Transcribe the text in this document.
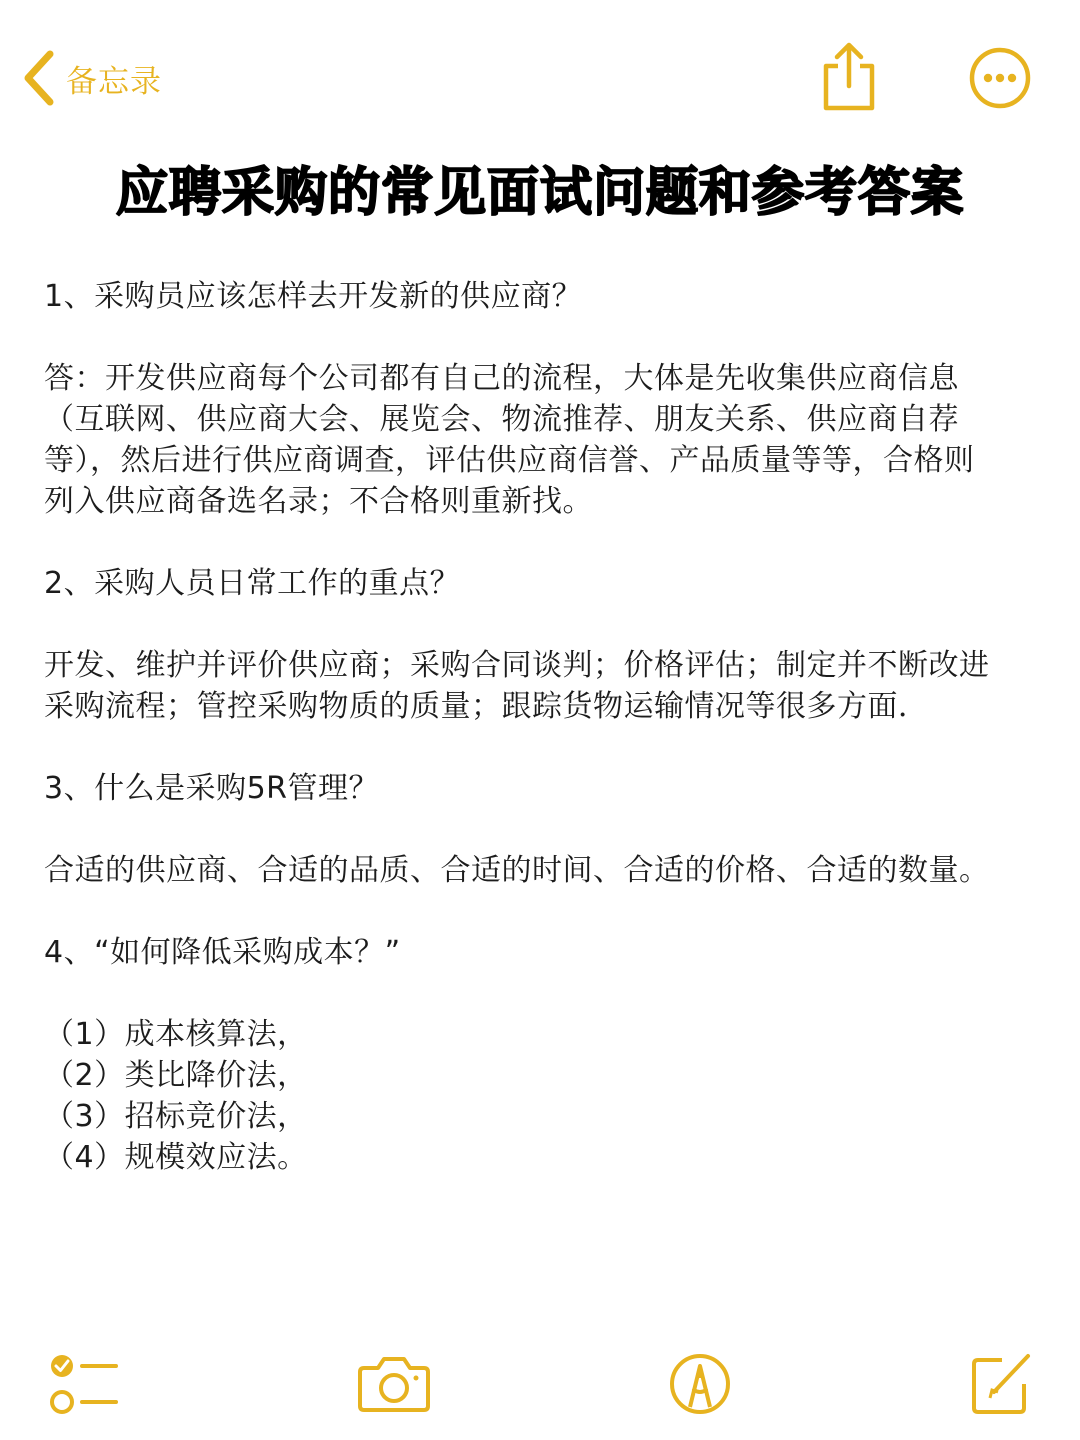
备忘录
应聘采购的常见面试问题和参考答案

1、采购员应该怎样去开发新的供应商？

答：开发供应商每个公司都有自己的流程，大体是先收集供应商信息（互联网、供应商大会、展览会、物流推荐、朋友关系、供应商自荐等），然后进行供应商调查，评估供应商信誉、产品质量等等，合格则列入供应商备选名录；不合格则重新找。

2、采购人员日常工作的重点？

开发、维护并评价供应商；采购合同谈判；价格评估；制定并不断改进采购流程；管控采购物质的质量；跟踪货物运输情况等很多方面．

3、什么是采购5R管理？

合适的供应商、合适的品质、合适的时间、合适的价格、合适的数量。

4、“如何降低采购成本？”

（1）成本核算法，

（2）类比降价法，

（3）招标竞价法，

（4）规模效应法。
